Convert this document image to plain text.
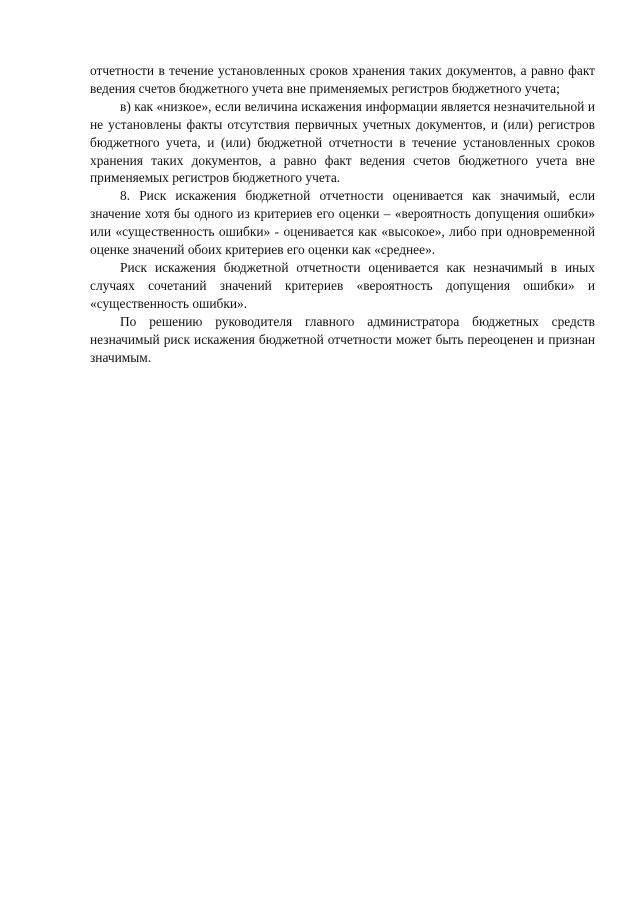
отчетности в течение установленных сроков хранения таких документов, а равно факт ведения счетов бюджетного учета вне применяемых регистров бюджетного учета;

в) как «низкое», если величина искажения информации является незначительной и не установлены факты отсутствия первичных учетных документов, и (или) регистров бюджетного учета, и (или) бюджетной отчетности в течение установленных сроков хранения таких документов, а равно факт ведения счетов бюджетного учета вне применяемых регистров бюджетного учета.

8. Риск искажения бюджетной отчетности оценивается как значимый, если значение хотя бы одного из критериев его оценки – «вероятность допущения ошибки» или «существенность ошибки» - оценивается как «высокое», либо при одновременной оценке значений обоих критериев его оценки как «среднее».

Риск искажения бюджетной отчетности оценивается как незначимый в иных случаях сочетаний значений критериев «вероятность допущения ошибки» и «существенность ошибки».

По решению руководителя главного администратора бюджетных средств незначимый риск искажения бюджетной отчетности может быть переоценен и признан значимым.
